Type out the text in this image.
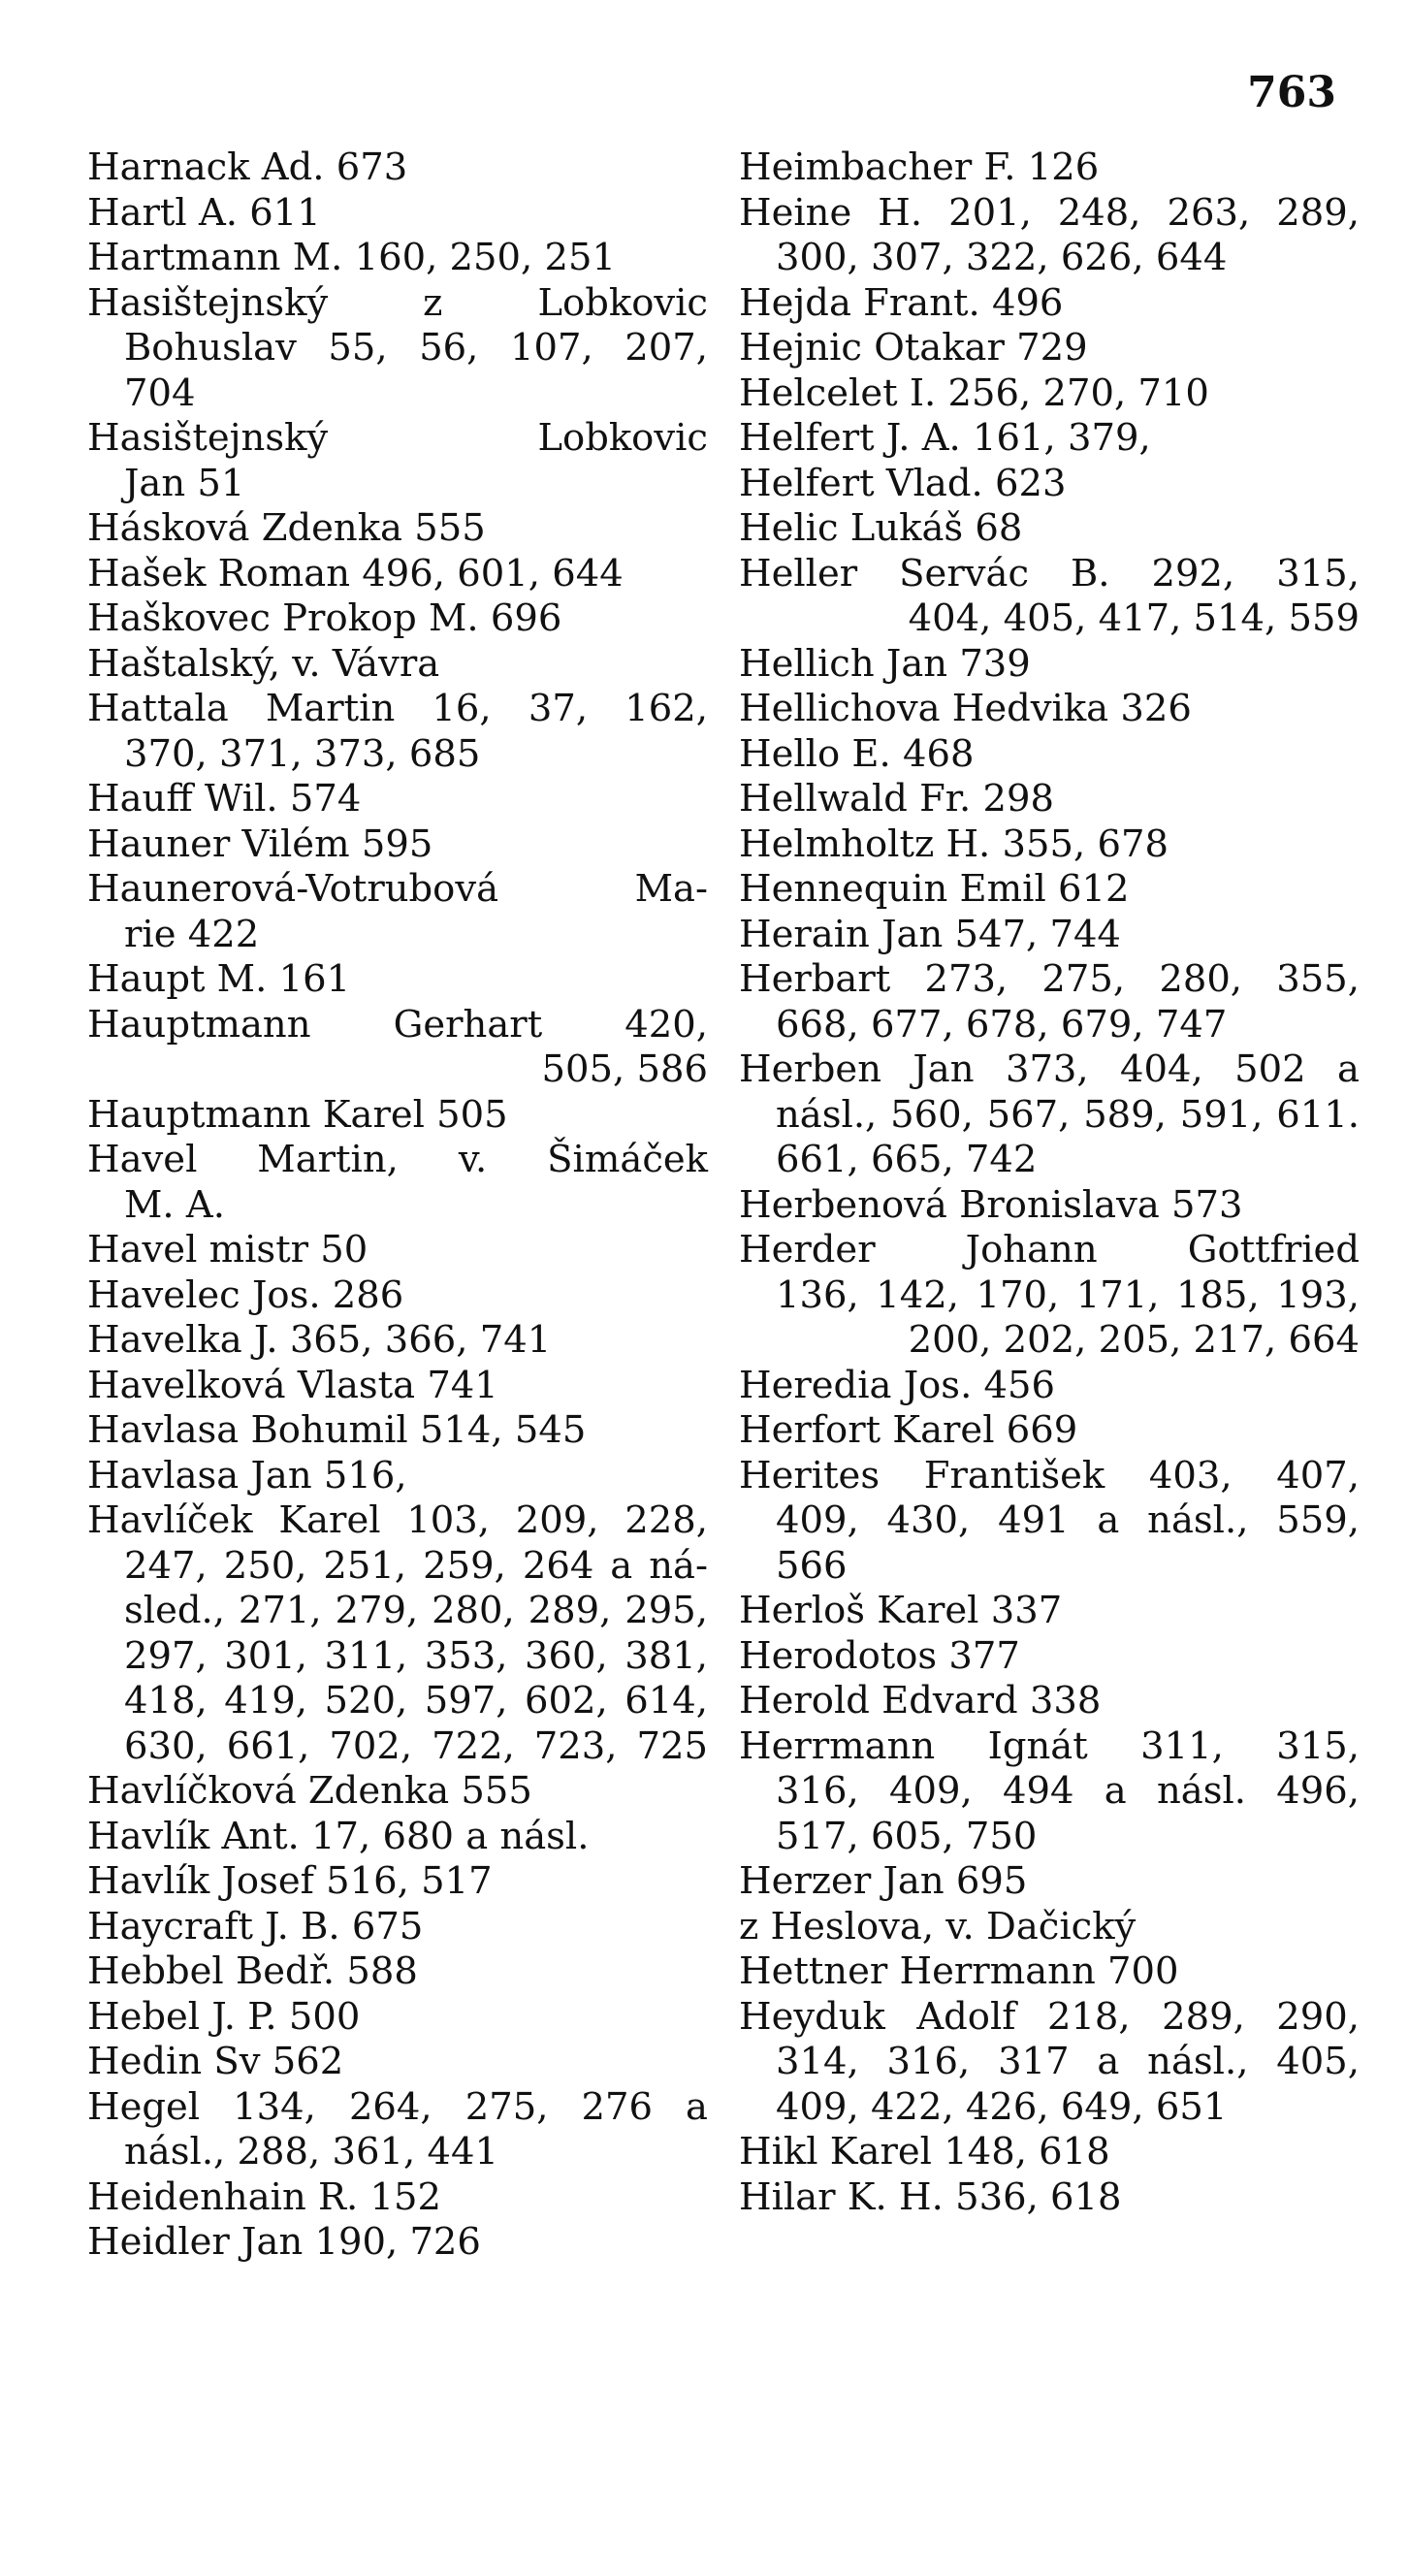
763
Harnack Ad. 673
Hartl A. 611
Hartmann M. 160, 250, 251
Hasištejnský z Lobkovic
Bohuslav 55, 56, 107, 207,
704
Hasištejnský Lobkovic
Jan 51
Hásková Zdenka 555
Hašek Roman 496, 601, 644
Haškovec Prokop M. 696
Haštalský, v. Vávra
Hattala Martin 16, 37, 162,
370, 371, 373, 685
Hauff Wil. 574
Hauner Vilém 595
Haunerová-Votrubová Ma-
rie 422
Haupt M. 161
Hauptmann Gerhart 420,
505, 586
Hauptmann Karel 505
Havel Martin, v. Šimáček
M. A.
Havel mistr 50
Havelec Jos. 286
Havelka J. 365, 366, 741
Havelková Vlasta 741
Havlasa Bohumil 514, 545
Havlasa Jan 516,
Havlíček Karel 103, 209, 228,
247, 250, 251, 259, 264 a ná-
sled., 271, 279, 280, 289, 295,
297, 301, 311, 353, 360, 381,
418, 419, 520, 597, 602, 614,
630, 661, 702, 722, 723, 725
Havlíčková Zdenka 555
Havlík Ant. 17, 680 a násl.
Havlík Josef 516, 517
Haycraft J. B. 675
Hebbel Bedř. 588
Hebel J. P. 500
Hedin Sv 562
Hegel 134, 264, 275, 276 a
násl., 288, 361, 441
Heidenhain R. 152
Heidler Jan 190, 726
Heimbacher F. 126
Heine H. 201, 248, 263, 289,
300, 307, 322, 626, 644
Hejda Frant. 496
Hejnic Otakar 729
Helcelet I. 256, 270, 710
Helfert J. A. 161, 379,
Helfert Vlad. 623
Helic Lukáš 68
Heller Servác B. 292, 315,
404, 405, 417, 514, 559
Hellich Jan 739
Hellichova Hedvika 326
Hello E. 468
Hellwald Fr. 298
Helmholtz H. 355, 678
Hennequin Emil 612
Herain Jan 547, 744
Herbart 273, 275, 280, 355,
668, 677, 678, 679, 747
Herben Jan 373, 404, 502 a
násl., 560, 567, 589, 591, 611.
661, 665, 742
Herbenová Bronislava 573
Herder Johann Gottfried
136, 142, 170, 171, 185, 193,
200, 202, 205, 217, 664
Heredia Jos. 456
Herfort Karel 669
Herites František 403, 407,
409, 430, 491 a násl., 559,
566
Herloš Karel 337
Herodotos 377
Herold Edvard 338
Herrmann Ignát 311, 315,
316, 409, 494 a násl. 496,
517, 605, 750
Herzer Jan 695
z Heslova, v. Dačický
Hettner Herrmann 700
Heyduk Adolf 218, 289, 290,
314, 316, 317 a násl., 405,
409, 422, 426, 649, 651
Hikl Karel 148, 618
Hilar K. H. 536, 618
